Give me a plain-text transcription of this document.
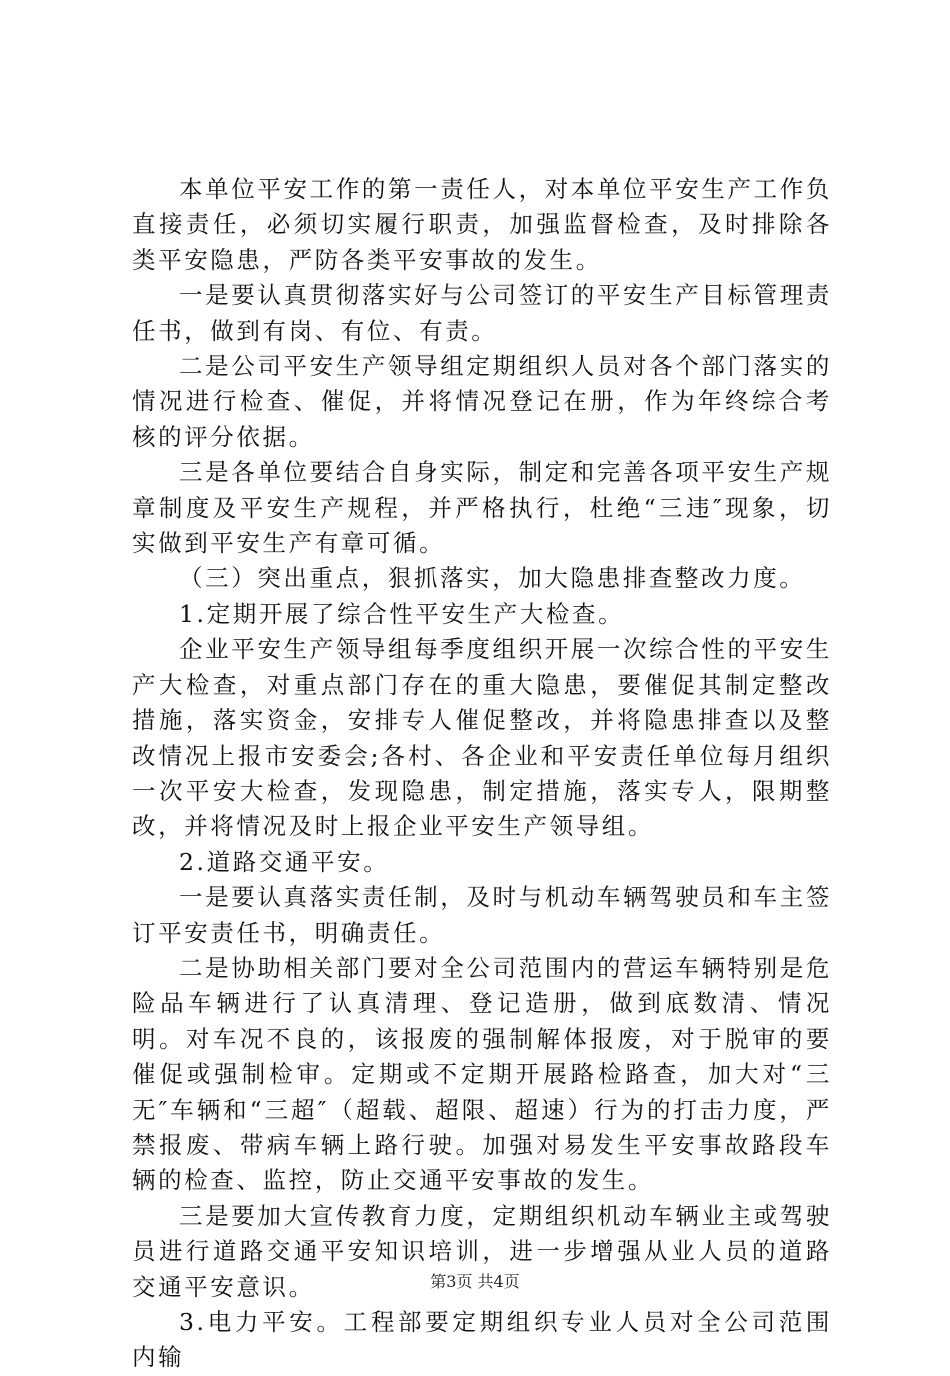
本单位平安工作的第一责任人，对本单位平安生产工作负直接责任，必须切实履行职责，加强监督检查，及时排除各类平安隐患，严防各类平安事故的发生。

一是要认真贯彻落实好与公司签订的平安生产目标管理责任书，做到有岗、有位、有责。

二是公司平安生产领导组定期组织人员对各个部门落实的情况进行检查、催促，并将情况登记在册，作为年终综合考核的评分依据。

三是各单位要结合自身实际，制定和完善各项平安生产规章制度及平安生产规程，并严格执行，杜绝“三违″现象，切实做到平安生产有章可循。

（三）突出重点，狠抓落实，加大隐患排查整改力度。

1.定期开展了综合性平安生产大检查。

企业平安生产领导组每季度组织开展一次综合性的平安生产大检查，对重点部门存在的重大隐患，要催促其制定整改措施，落实资金，安排专人催促整改，并将隐患排查以及整改情况上报市安委会;各村、各企业和平安责任单位每月组织一次平安大检查，发现隐患，制定措施，落实专人，限期整改，并将情况及时上报企业平安生产领导组。

2.道路交通平安。

一是要认真落实责任制，及时与机动车辆驾驶员和车主签订平安责任书，明确责任。

二是协助相关部门要对全公司范围内的营运车辆特别是危险品车辆进行了认真清理、登记造册，做到底数清、情况明。对车况不良的，该报废的强制解体报废，对于脱审的要催促或强制检审。定期或不定期开展路检路查，加大对“三无″车辆和“三超″（超载、超限、超速）行为的打击力度，严禁报废、带病车辆上路行驶。加强对易发生平安事故路段车辆的检查、监控，防止交通平安事故的发生。

三是要加大宣传教育力度，定期组织机动车辆业主或驾驶员进行道路交通平安知识培训，进一步增强从业人员的道路交通平安意识。

3.电力平安。工程部要定期组织专业人员对全公司范围内输

第3页 共4页
